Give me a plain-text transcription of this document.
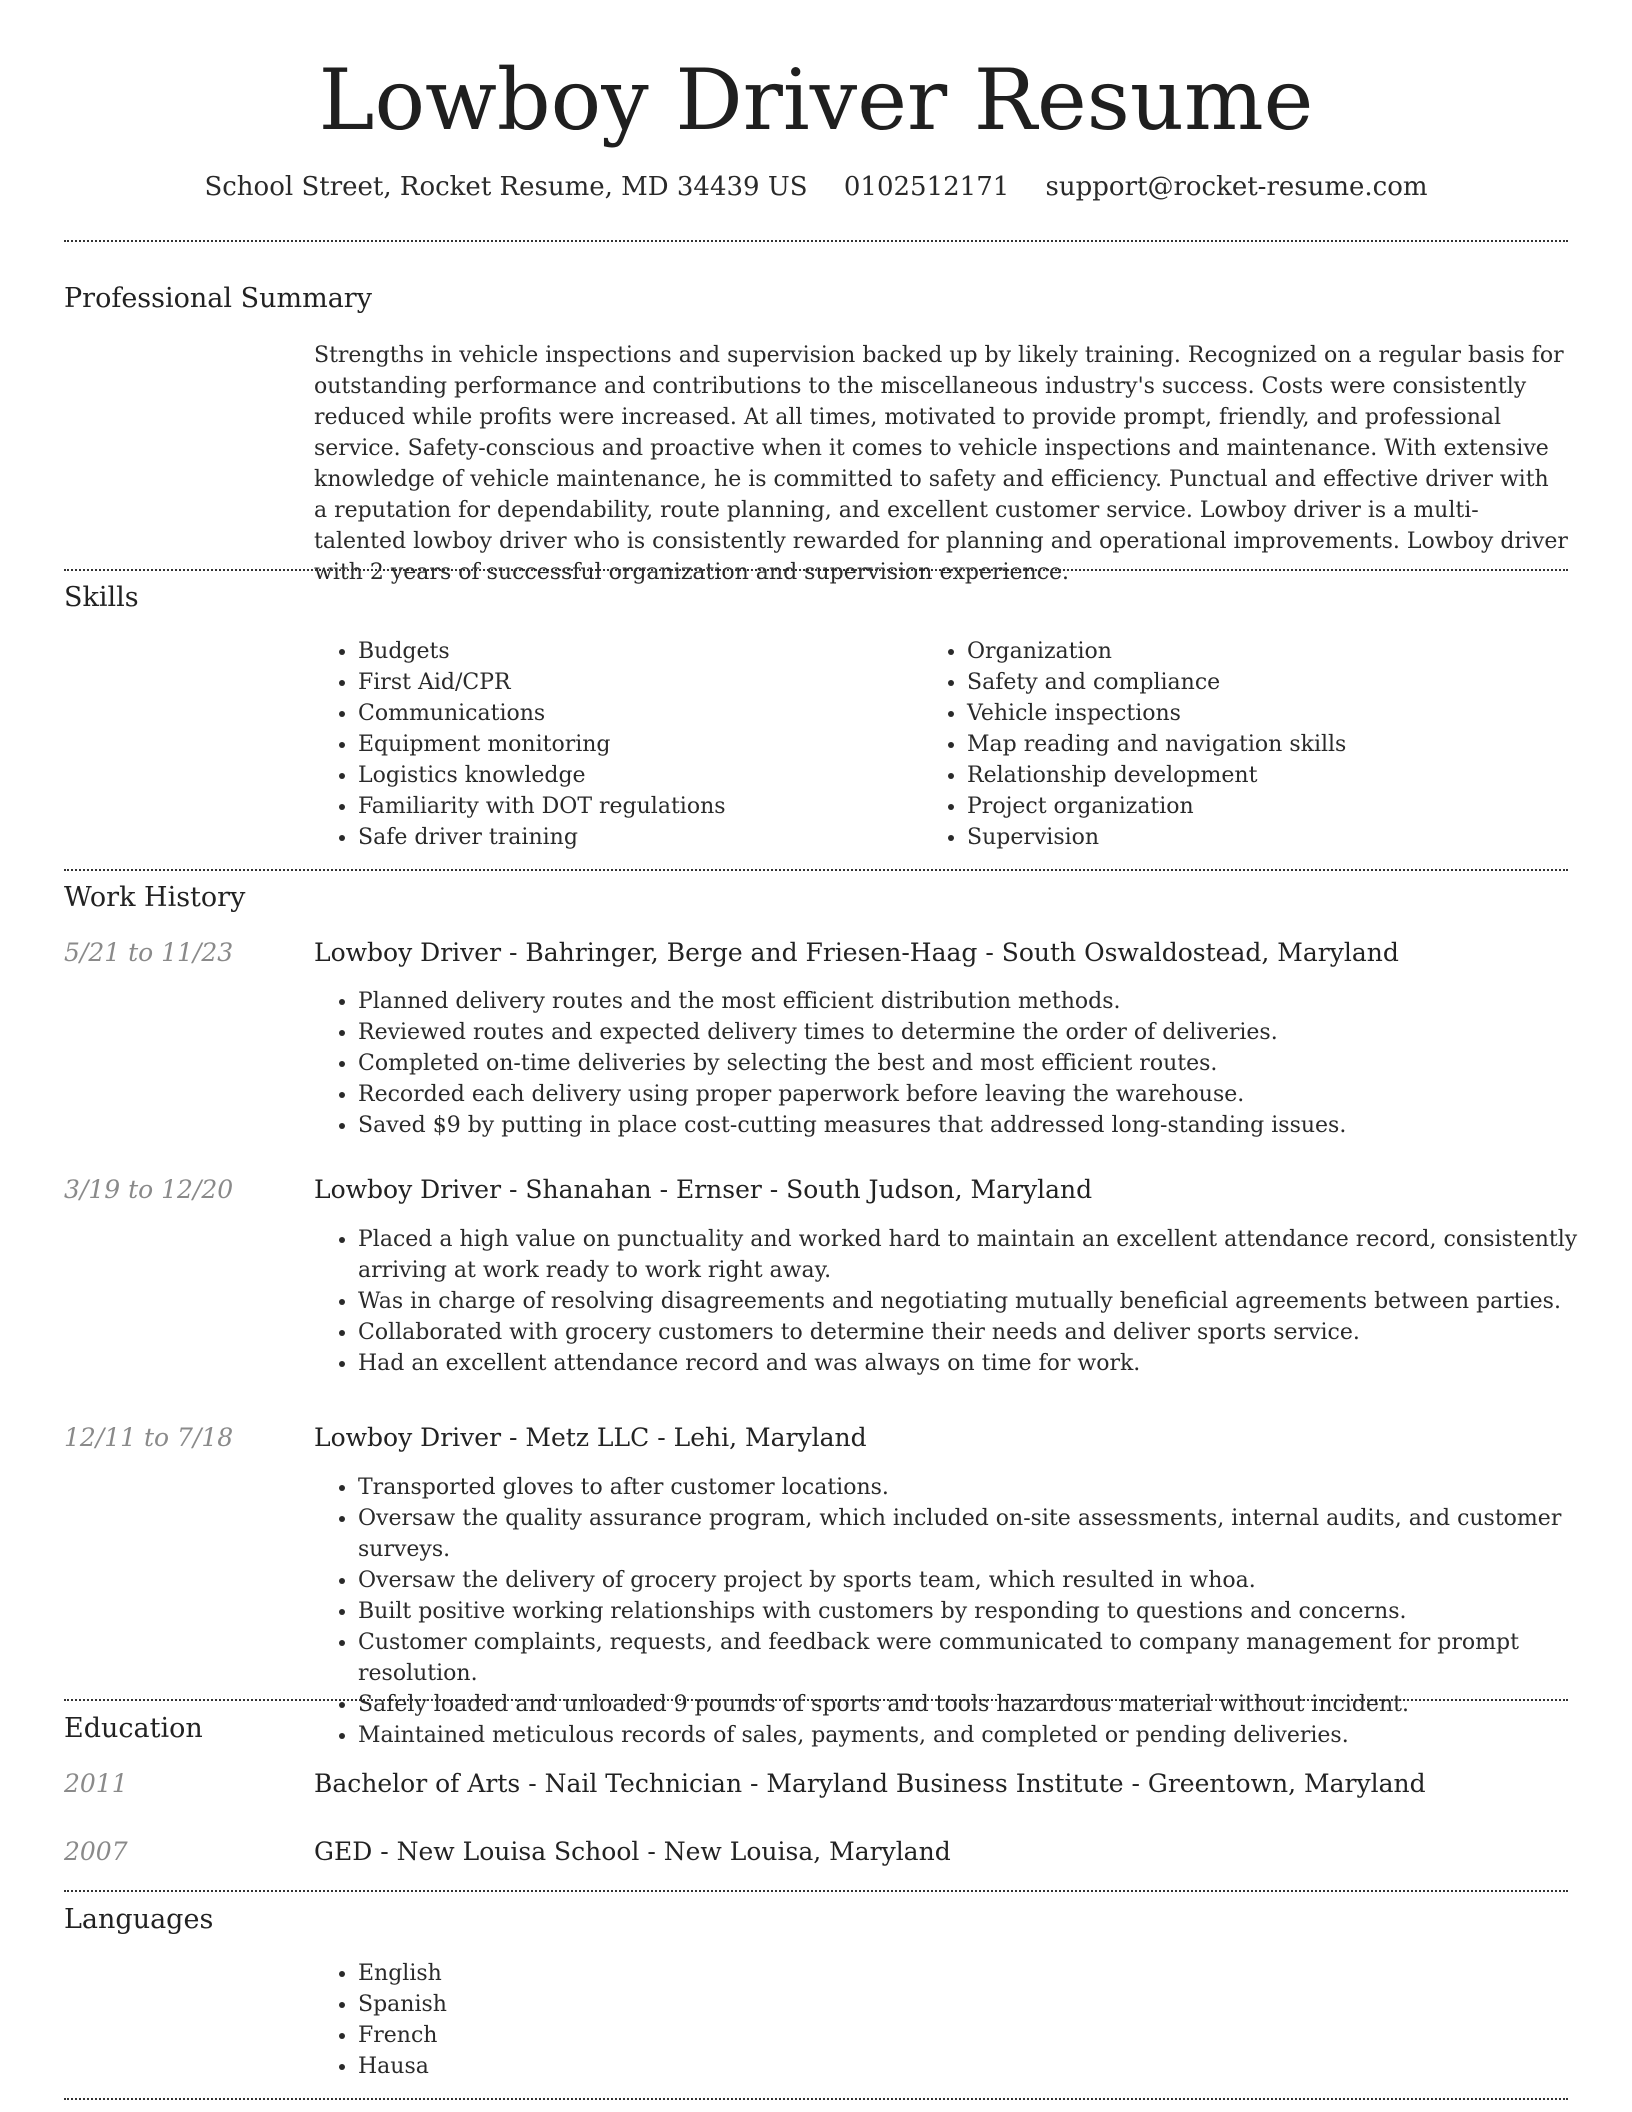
Lowboy Driver Resume
School Street, Rocket Resume, MD 34439 US 0102512171 support@rocket-resume.com
Professional Summary

Strengths in vehicle inspections and supervision backed up by likely training. Recognized on a regular basis for outstanding performance and contributions to the miscellaneous industry's success. Costs were consistently reduced while profits were increased. At all times, motivated to provide prompt, friendly, and professional service. Safety-conscious and proactive when it comes to vehicle inspections and maintenance. With extensive knowledge of vehicle maintenance, he is committed to safety and efficiency. Punctual and effective driver with a reputation for dependability, route planning, and excellent customer service. Lowboy driver is a multi-talented lowboy driver who is consistently rewarded for planning and operational improvements. Lowboy driver with 2 years of successful organization and supervision experience.

Skills
• Budgets
• First Aid/CPR
• Communications
• Equipment monitoring
• Logistics knowledge
• Familiarity with DOT regulations
• Safe driver training
• Organization
• Safety and compliance
• Vehicle inspections
• Map reading and navigation skills
• Relationship development
• Project organization
• Supervision
Work History
5/21 to 11/23	Lowboy Driver - Bahringer, Berge and Friesen-Haag - South Oswaldostead, Maryland
• Planned delivery routes and the most efficient distribution methods.
• Reviewed routes and expected delivery times to determine the order of deliveries.
• Completed on-time deliveries by selecting the best and most efficient routes.
• Recorded each delivery using proper paperwork before leaving the warehouse.
• Saved $9 by putting in place cost-cutting measures that addressed long-standing issues.
3/19 to 12/20	Lowboy Driver - Shanahan - Ernser - South Judson, Maryland
• Placed a high value on punctuality and worked hard to maintain an excellent attendance record, consistently arriving at work ready to work right away.
• Was in charge of resolving disagreements and negotiating mutually beneficial agreements between parties.
• Collaborated with grocery customers to determine their needs and deliver sports service.
• Had an excellent attendance record and was always on time for work.
12/11 to 7/18	Lowboy Driver - Metz LLC - Lehi, Maryland
• Transported gloves to after customer locations.
• Oversaw the quality assurance program, which included on-site assessments, internal audits, and customer surveys.
• Oversaw the delivery of grocery project by sports team, which resulted in whoa.
• Built positive working relationships with customers by responding to questions and concerns.
• Customer complaints, requests, and feedback were communicated to company management for prompt resolution.
• Safely loaded and unloaded 9 pounds of sports and tools hazardous material without incident.
• Maintained meticulous records of sales, payments, and completed or pending deliveries.
Education
2011	Bachelor of Arts - Nail Technician - Maryland Business Institute - Greentown, Maryland
2007	GED - New Louisa School - New Louisa, Maryland
Languages
• English
• Spanish
• French
• Hausa
